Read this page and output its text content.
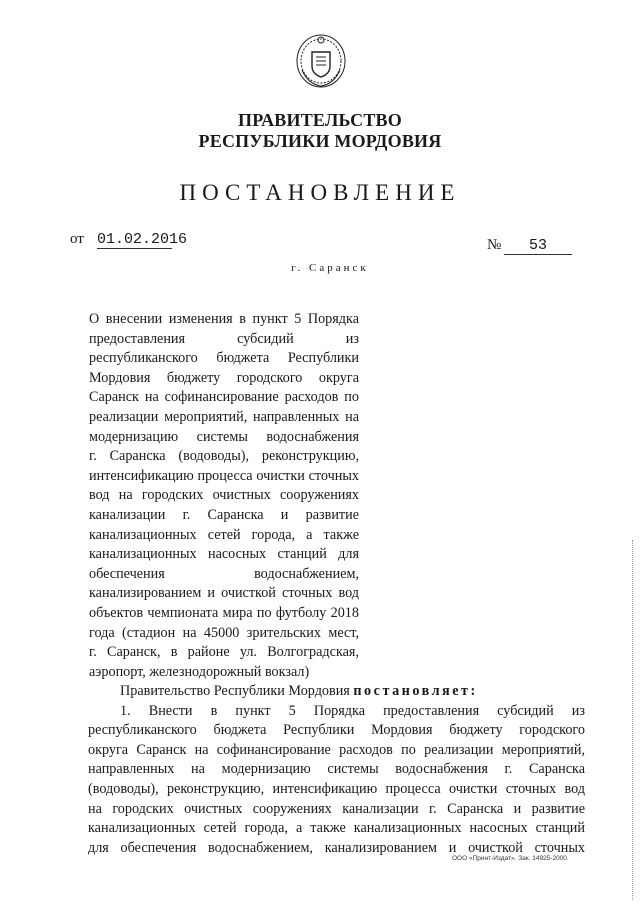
ПРАВИТЕЛЬСТВО
РЕСПУБЛИКИ МОРДОВИЯ
ПОСТАНОВЛЕНИЕ
от 01.02.2016	№	53
г. Саранск
О внесении изменения в пункт 5 Порядка
предоставления субсидий из
республиканского бюджета Республики
Мордовия бюджету городского округа
Саранск на софинансирование расходов по
реализации мероприятий, направленных на
модернизацию системы водоснабжения
г. Саранска (водоводы), реконструкцию,
интенсификацию процесса очистки сточных
вод на городских очистных сооружениях
канализации г. Саранска и развитие
канализационных сетей города, а также
канализационных насосных станций для
обеспечения водоснабжением,
канализированием и очисткой сточных вод
объектов чемпионата мира по футболу 2018
года (стадион на 45000 зрительских мест,
г. Саранск, в районе ул. Волгоградская,
аэропорт, железнодорожный вокзал)
Правительство Республики Мордовия постановляет:
1. Внести в пункт 5 Порядка предоставления субсидий из
республиканского бюджета Республики Мордовия бюджету городского
округа Саранск на софинансирование расходов по реализации мероприятий,
направленных на модернизацию системы водоснабжения г. Саранска
(водоводы), реконструкцию, интенсификацию процесса очистки сточных вод
на городских очистных сооружениях канализации г. Саранска и развитие
канализационных сетей города, а также канализационных насосных станций
для обеспечения водоснабжением, канализированием и очисткой сточных
ООО «Принт-Издат». Зак. 14925-2000.
